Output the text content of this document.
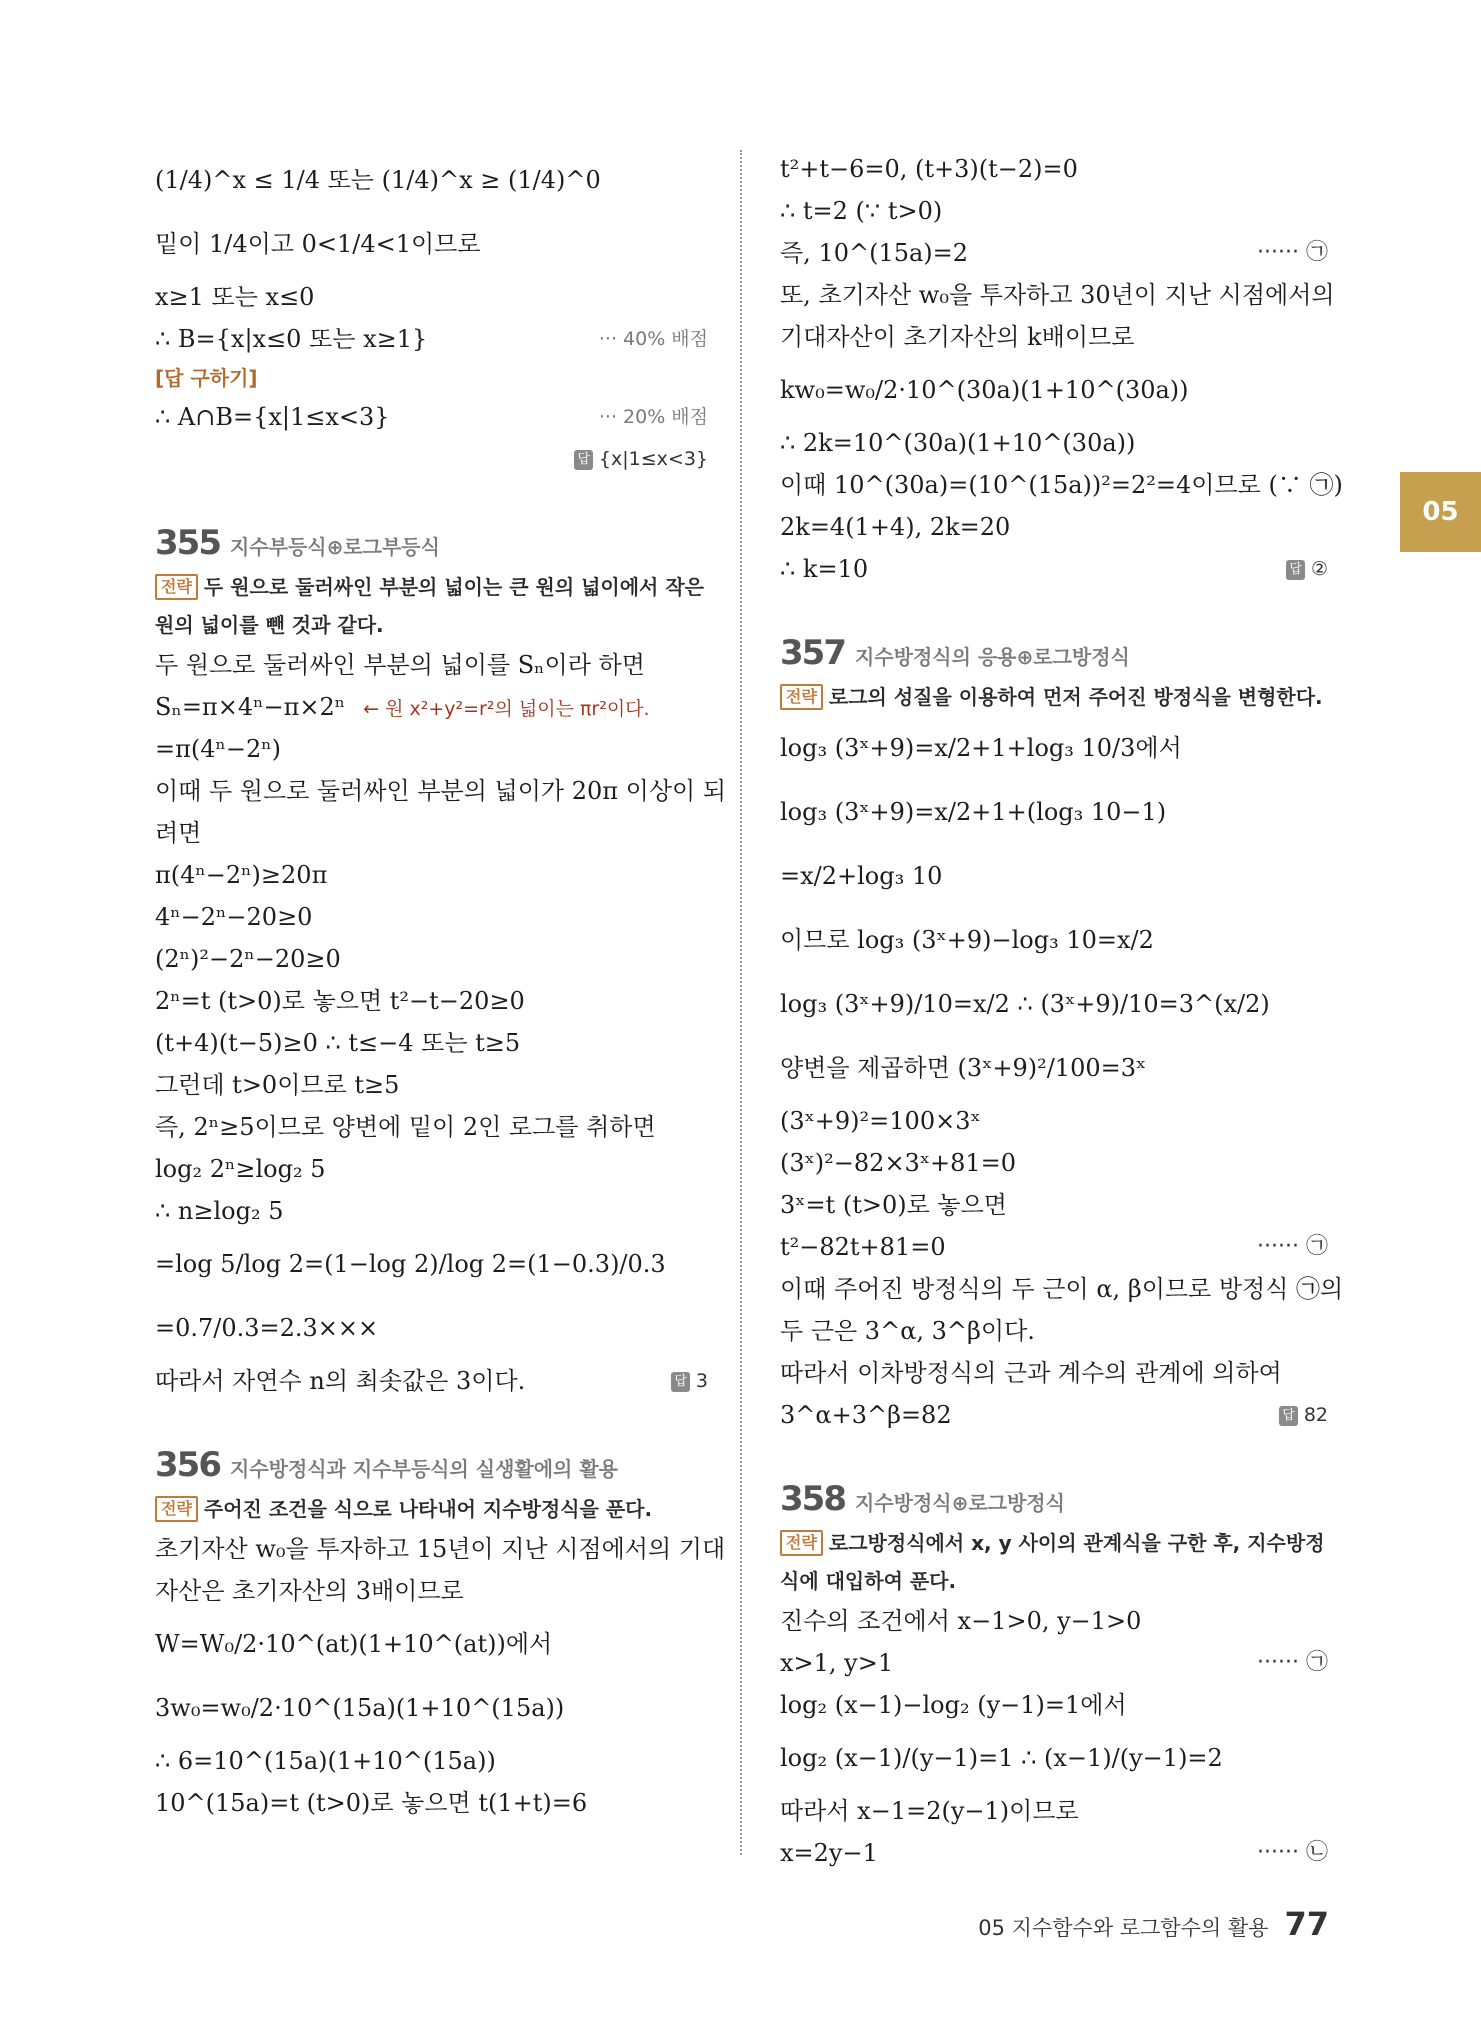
(1/4)^x ≤ 1/4 또는 (1/4)^x ≥ (1/4)^0
밑이 1/4이고 0<1/4<1이므로
x≥1 또는 x≤0
∴ B={x|x≤0 또는 x≥1}	··· 40% 배점
[답 구하기]
∴ A∩B={x|1≤x<3}	··· 20% 배점
답 {x|1≤x<3}
355 지수부등식⊕로그부등식
전략 두 원으로 둘러싸인 부분의 넓이는 큰 원의 넓이에서 작은 원의 넓이를 뺀 것과 같다.
두 원으로 둘러싸인 부분의 넓이를 Sₙ이라 하면
Sₙ=π×4ⁿ−π×2ⁿ ← 원 x²+y²=r²의 넓이는 πr²이다.
=π(4ⁿ−2ⁿ)
이때 두 원으로 둘러싸인 부분의 넓이가 20π 이상이 되
려면
π(4ⁿ−2ⁿ)≥20π
4ⁿ−2ⁿ−20≥0
(2ⁿ)²−2ⁿ−20≥0
2ⁿ=t (t>0)로 놓으면 t²−t−20≥0
(t+4)(t−5)≥0 ∴ t≤−4 또는 t≥5
그런데 t>0이므로 t≥5
즉, 2ⁿ≥5이므로 양변에 밑이 2인 로그를 취하면
log₂ 2ⁿ≥log₂ 5
∴ n≥log₂ 5
=log 5/log 2=(1−log 2)/log 2=(1−0.3)/0.3
=0.7/0.3=2.3×××
따라서 자연수 n의 최솟값은 3이다.	답 3
356 지수방정식과 지수부등식의 실생활에의 활용
전략 주어진 조건을 식으로 나타내어 지수방정식을 푼다.
초기자산 w₀을 투자하고 15년이 지난 시점에서의 기대
자산은 초기자산의 3배이므로
W=W₀/2·10^(at)(1+10^(at))에서
3w₀=w₀/2·10^(15a)(1+10^(15a))
∴ 6=10^(15a)(1+10^(15a))
10^(15a)=t (t>0)로 놓으면 t(1+t)=6
t²+t−6=0, (t+3)(t−2)=0
∴ t=2 (∵ t>0)
즉, 10^(15a)=2	······ ㉠
또, 초기자산 w₀을 투자하고 30년이 지난 시점에서의
기대자산이 초기자산의 k배이므로
kw₀=w₀/2·10^(30a)(1+10^(30a))
∴ 2k=10^(30a)(1+10^(30a))
이때 10^(30a)=(10^(15a))²=2²=4이므로 (∵ ㉠)
2k=4(1+4), 2k=20
∴ k=10	답 ②
357 지수방정식의 응용⊕로그방정식
전략 로그의 성질을 이용하여 먼저 주어진 방정식을 변형한다.
log₃ (3ˣ+9)=x/2+1+log₃ 10/3에서
log₃ (3ˣ+9)=x/2+1+(log₃ 10−1)
=x/2+log₃ 10
이므로 log₃ (3ˣ+9)−log₃ 10=x/2
log₃ (3ˣ+9)/10=x/2 ∴ (3ˣ+9)/10=3^(x/2)
양변을 제곱하면 (3ˣ+9)²/100=3ˣ
(3ˣ+9)²=100×3ˣ
(3ˣ)²−82×3ˣ+81=0
3ˣ=t (t>0)로 놓으면
t²−82t+81=0	······ ㉠
이때 주어진 방정식의 두 근이 α, β이므로 방정식 ㉠의
두 근은 3^α, 3^β이다.
따라서 이차방정식의 근과 계수의 관계에 의하여
3^α+3^β=82	답 82
358 지수방정식⊕로그방정식
전략 로그방정식에서 x, y 사이의 관계식을 구한 후, 지수방정식에 대입하여 푼다.
진수의 조건에서 x−1>0, y−1>0
x>1, y>1	······ ㉠
log₂ (x−1)−log₂ (y−1)=1에서
log₂ (x−1)/(y−1)=1 ∴ (x−1)/(y−1)=2
따라서 x−1=2(y−1)이므로
x=2y−1	······ ㉡
05
05 지수함수와 로그함수의 활용 77
